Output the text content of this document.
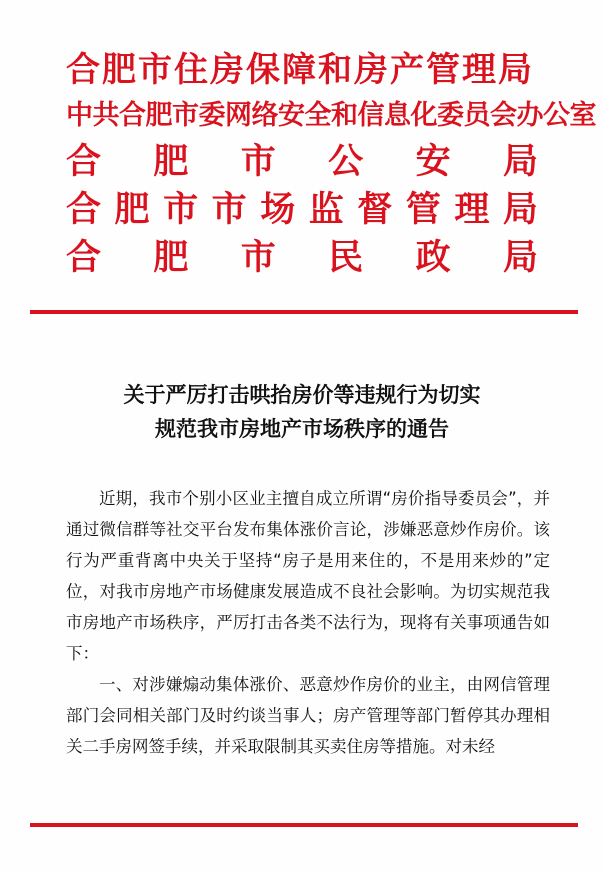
合肥市住房保障和房产管理局
中共合肥市委网络安全和信息化委员会办公室
合 肥 市 公 安 局
合 肥 市 市 场 监 督 管 理 局
合 肥 市 民 政 局
关于严厉打击哄抬房价等违规行为切实
规范我市房地产市场秩序的通告

近期，我市个别小区业主擅自成立所谓“房价指导委员会”，并通过微信群等社交平台发布集体涨价言论，涉嫌恶意炒作房价。该行为严重背离中央关于坚持“房子是用来住的，不是用来炒的”定位，对我市房地产市场健康发展造成不良社会影响。为切实规范我市房地产市场秩序，严厉打击各类不法行为，现将有关事项通告如下：

一、对涉嫌煽动集体涨价、恶意炒作房价的业主，由网信管理部门会同相关部门及时约谈当事人；房产管理等部门暂停其办理相关二手房网签手续，并采取限制其买卖住房等措施。对未经
